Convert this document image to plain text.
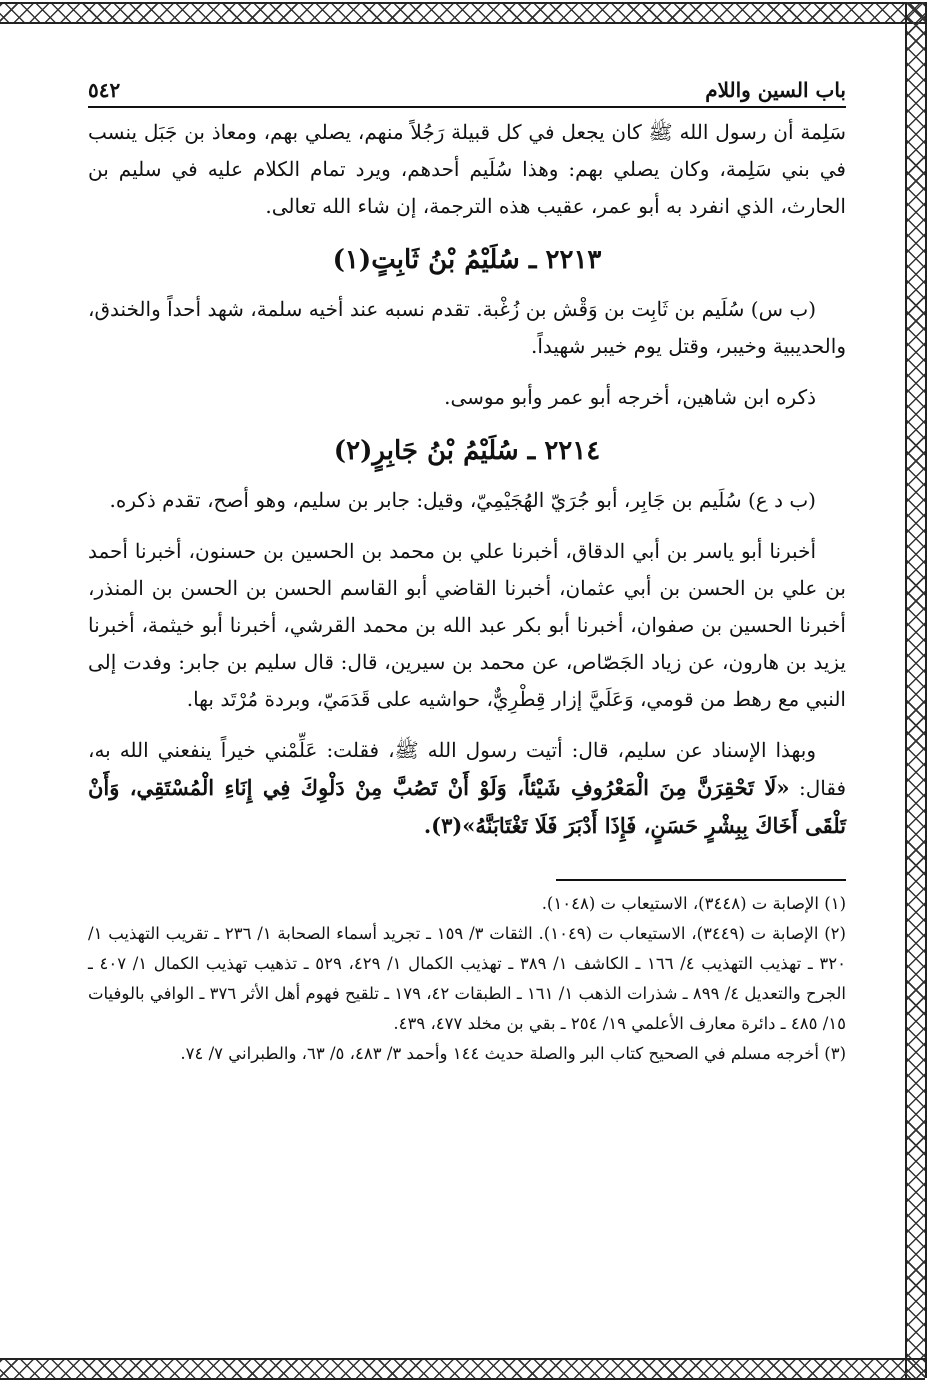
باب السين واللام
٥٤٢

سَلِمة أن رسول الله ﷺ كان يجعل في كل قبيلة رَجُلاً منهم، يصلي بهم، ومعاذ بن جَبَل ينسب في بني سَلِمة، وكان يصلي بهم: وهذا سُلَيم أحدهم، ويرد تمام الكلام عليه في سليم بن الحارث، الذي انفرد به أبو عمر، عقيب هذه الترجمة، إن شاء الله تعالى.

٢٢١٣ ـ سُلَيْمُ بْنُ ثَابِتٍ(١)

(ب س) سُلَيم بن ثَابِت بن وَقْش بن زُغْبة. تقدم نسبه عند أخيه سلمة، شهد أحداً والخندق، والحديبية وخيبر، وقتل يوم خيبر شهيداً.

ذكره ابن شاهين، أخرجه أبو عمر وأبو موسى.

٢٢١٤ ـ سُلَيْمُ بْنُ جَابِرٍ(٢)

(ب د ع) سُلَيم بن جَابِر، أبو جُرَيّ الهُجَيْمِيّ، وقيل: جابر بن سليم، وهو أصح، تقدم ذكره.

أخبرنا أبو ياسر بن أبي الدقاق، أخبرنا علي بن محمد بن الحسين بن حسنون، أخبرنا أحمد بن علي بن الحسن بن أبي عثمان، أخبرنا القاضي أبو القاسم الحسن بن الحسن بن المنذر، أخبرنا الحسين بن صفوان، أخبرنا أبو بكر عبد الله بن محمد القرشي، أخبرنا أبو خيثمة، أخبرنا يزيد بن هارون، عن زياد الجَصّاص، عن محمد بن سيرين، قال: قال سليم بن جابر: وفدت إلى النبي مع رهط من قومي، وَعَلَيَّ إزار قِطْرِيٌّ، حواشيه على قَدَمَيّ، وبردة مُرْتَد بها.

وبهذا الإسناد عن سليم، قال: أتيت رسول الله ﷺ، فقلت: عَلِّمْني خيراً ينفعني الله به، فقال: «لَا تَحْقِرَنَّ مِنَ الْمَعْرُوفِ شَيْئاً، وَلَوْ أَنْ تَصُبَّ مِنْ دَلْوِكَ فِي إِنَاءِ الْمُسْتَقِي، وَأَنْ تَلْقَى أَخَاكَ بِبِشْرٍ حَسَنٍ، فَإِذَا أَدْبَرَ فَلَا تَغْتَابَنَّهُ»(٣).

(١) الإصابة ت (٣٤٤٨)، الاستيعاب ت (١٠٤٨).

(٢) الإصابة ت (٣٤٤٩)، الاستيعاب ت (١٠٤٩). الثقات ٣/ ١٥٩ ـ تجريد أسماء الصحابة ١/ ٢٣٦ ـ تقريب التهذيب ١/ ٣٢٠ ـ تهذيب التهذيب ٤/ ١٦٦ ـ الكاشف ١/ ٣٨٩ ـ تهذيب الكمال ١/ ٤٢٩، ٥٢٩ ـ تذهيب تهذيب الكمال ١/ ٤٠٧ ـ الجرح والتعديل ٤/ ٨٩٩ ـ شذرات الذهب ١/ ١٦١ ـ الطبقات ٤٢، ١٧٩ ـ تلقيح فهوم أهل الأثر ٣٧٦ ـ الوافي بالوفيات ١٥/ ٤٨٥ ـ دائرة معارف الأعلمي ١٩/ ٢٥٤ ـ بقي بن مخلد ٤٧٧، ٤٣٩.

(٣) أخرجه مسلم في الصحيح كتاب البر والصلة حديث ١٤٤ وأحمد ٣/ ٤٨٣، ٥/ ٦٣، والطبراني ٧/ ٧٤.
